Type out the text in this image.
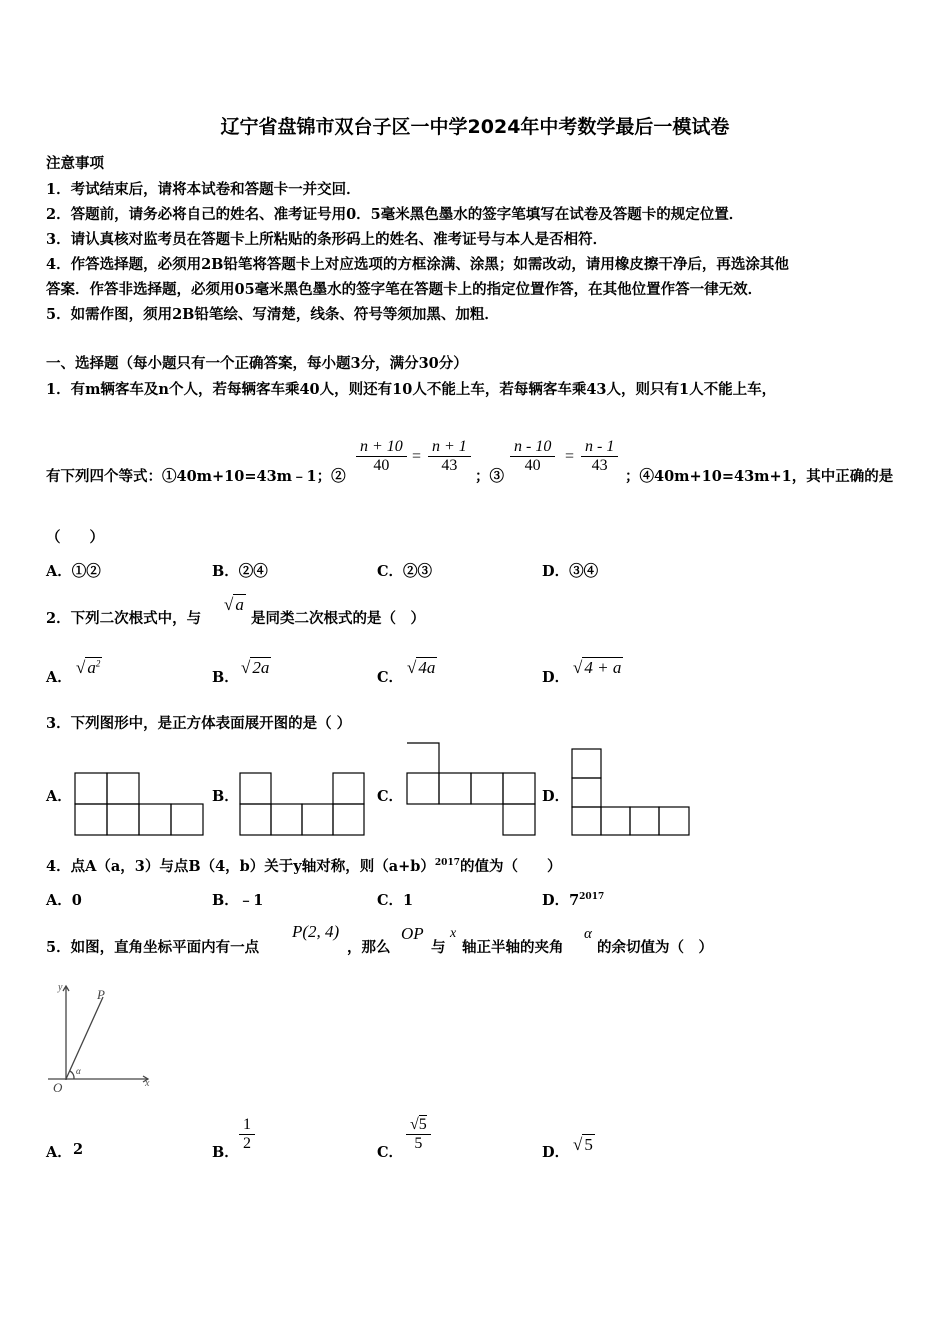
辽宁省盘锦市双台子区一中学2024年中考数学最后一模试卷
注意事项
1．考试结束后，请将本试卷和答题卡一并交回．
2．答题前，请务必将自己的姓名、准考证号用0．5毫米黑色墨水的签字笔填写在试卷及答题卡的规定位置．
3．请认真核对监考员在答题卡上所粘贴的条形码上的姓名、准考证号与本人是否相符．
4．作答选择题，必须用2B铅笔将答题卡上对应选项的方框涂满、涂黑；如需改动，请用橡皮擦干净后，再选涂其他
答案．作答非选择题，必须用05毫米黑色墨水的签字笔在答题卡上的指定位置作答，在其他位置作答一律无效．
5．如需作图，须用2B铅笔绘、写清楚，线条、符号等须加黑、加粗．
一、选择题（每小题只有一个正确答案，每小题3分，满分30分）
1．有m辆客车及n个人，若每辆客车乘40人，则还有10人不能上车，若每辆客车乘43人，则只有1人不能上车，
有下列四个等式：①40m+10=43m﹣1；②
$\frac{n + 10}{40} = \frac{n + 1}{43}$
；③
$\frac{n - 10}{40} = \frac{n - 1}{43}$
；④40m+10=43m+1，其中正确的是
（　　）
A．①②	B．②④	C．②③	D．③④
2．下列二次根式中，与
√ a
是同类二次根式的是（　）
A．
√ $a^2$
B．
√ 2a
C．
√ 4a
D．
√ 4 + a
3．下列图形中，是正方体表面展开图的是（ ）
A．	B．	C．	D．
4．点A（a，3）与点B（4，b）关于y轴对称，则$(a+b)^{2017}$的值为（　　）
A．0	B．﹣1	C．1	D．$7^{2017}$
5．如图，直角坐标平面内有一点
P(2, 4)
，那么
OP
与
x
轴正半轴的夹角
α
的余切值为（　）
y	P
O	x
α
A． 2	B． $\frac{1}{2}$	C． $\frac{√5}{5}$	D． √ 5
